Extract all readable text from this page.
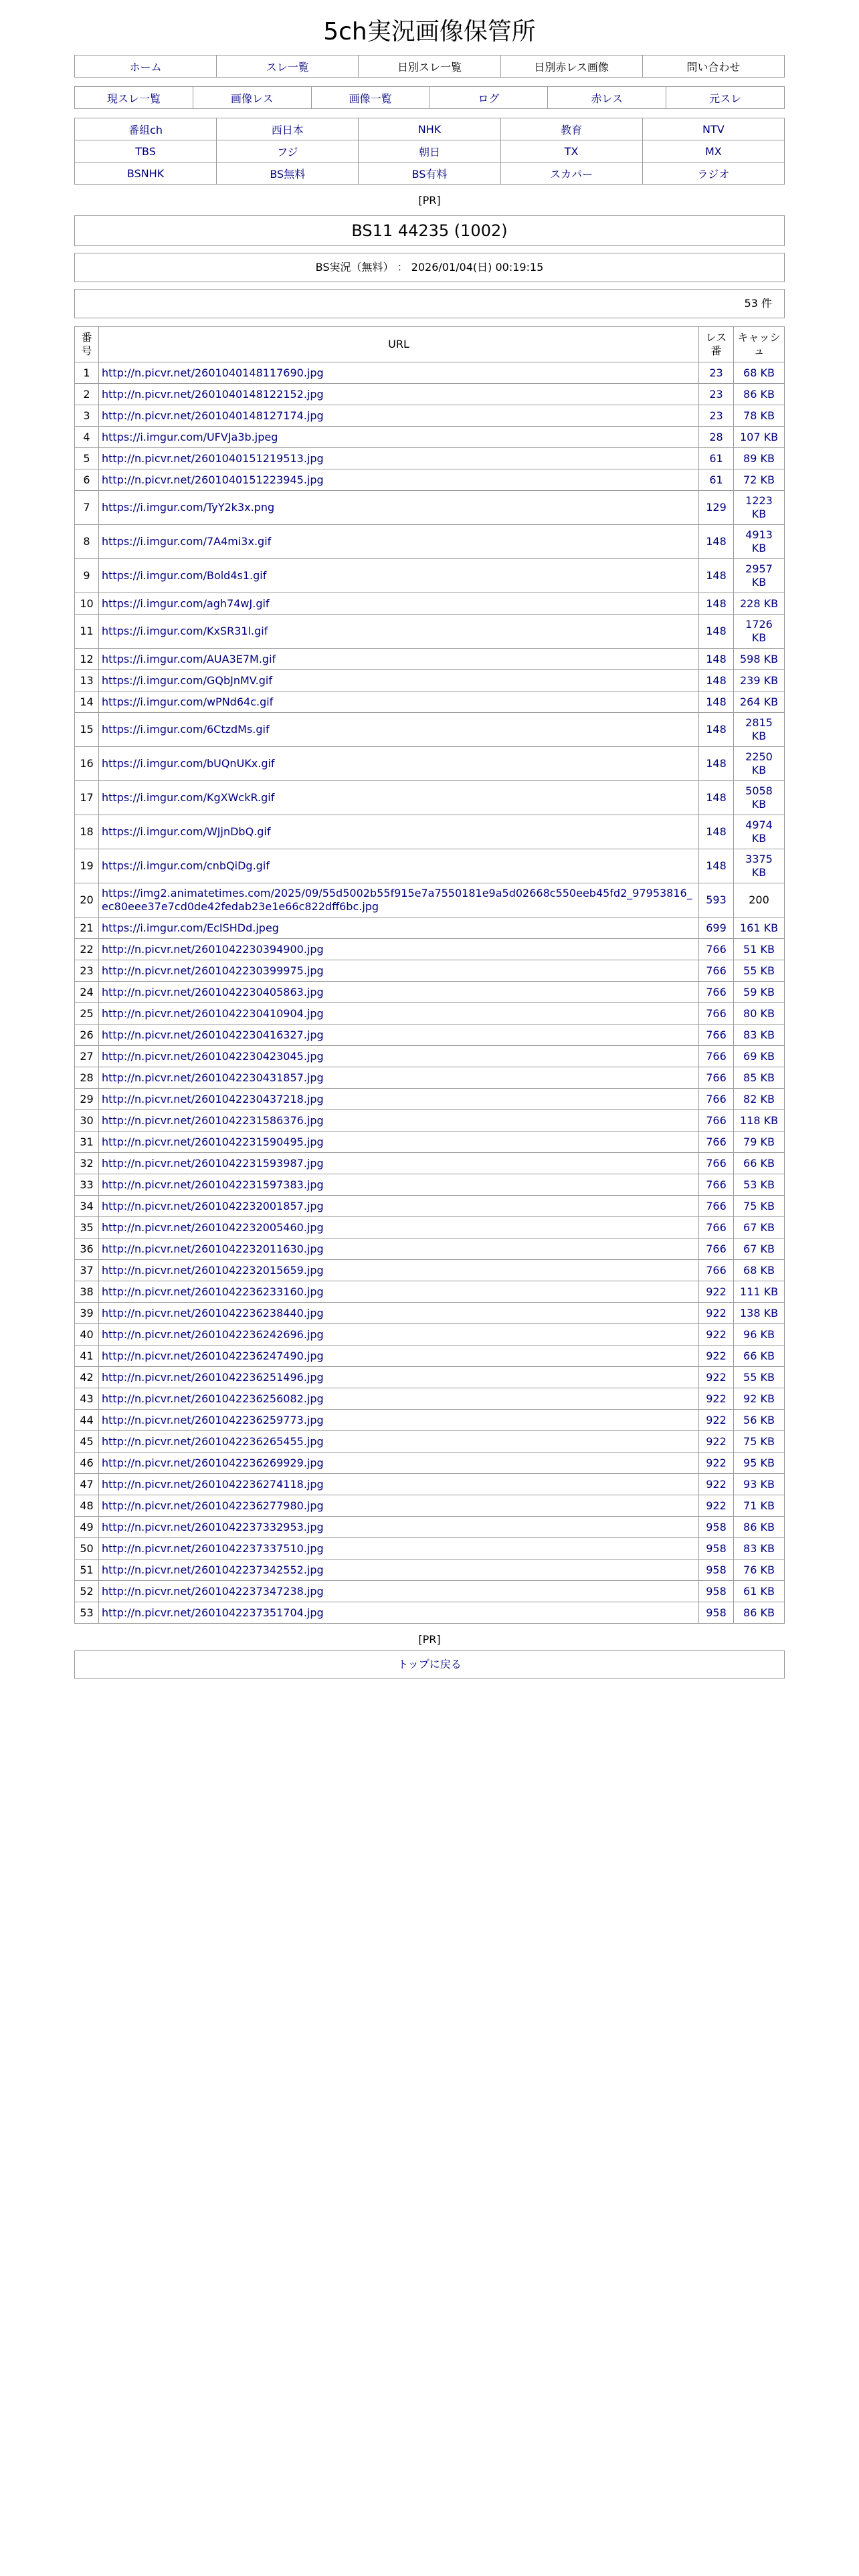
5ch実況画像保管所
ホーム	スレ一覧	日別スレ一覧	日別赤レス画像	問い合わせ
現スレ一覧	画像レス	画像一覧	ログ	赤レス	元スレ
番組ch	西日本	NHK	教育	NTV
TBS	フジ	朝日	TX	MX
BSNHK	BS無料	BS有料	スカパー	ラジオ
[PR]
BS11 44235 (1002)
BS実況（無料） ： 2026/01/04(日) 00:19:15
53 件
番号	URL	レス番	キャッシュ
1	http://n.picvr.net/2601040148117690.jpg	23	68 KB
2	http://n.picvr.net/2601040148122152.jpg	23	86 KB
3	http://n.picvr.net/2601040148127174.jpg	23	78 KB
4	https://i.imgur.com/UFVJa3b.jpeg	28	107 KB
5	http://n.picvr.net/2601040151219513.jpg	61	89 KB
6	http://n.picvr.net/2601040151223945.jpg	61	72 KB
7	https://i.imgur.com/TyY2k3x.png	129	1223 KB
8	https://i.imgur.com/7A4mi3x.gif	148	4913 KB
9	https://i.imgur.com/Bold4s1.gif	148	2957 KB
10	https://i.imgur.com/agh74wJ.gif	148	228 KB
11	https://i.imgur.com/KxSR31l.gif	148	1726 KB
12	https://i.imgur.com/AUA3E7M.gif	148	598 KB
13	https://i.imgur.com/GQbJnMV.gif	148	239 KB
14	https://i.imgur.com/wPNd64c.gif	148	264 KB
15	https://i.imgur.com/6CtzdMs.gif	148	2815 KB
16	https://i.imgur.com/bUQnUKx.gif	148	2250 KB
17	https://i.imgur.com/KgXWckR.gif	148	5058 KB
18	https://i.imgur.com/WJjnDbQ.gif	148	4974 KB
19	https://i.imgur.com/cnbQiDg.gif	148	3375 KB
20	https://img2.animatetimes.com/2025/09/55d5002b55f915e7a7550181e9a5d02668c550eeb45fd2_97953816_ec80eee37e7cd0de42fedab23e1e66c822dff6bc.jpg	593	200
21	https://i.imgur.com/EcISHDd.jpeg	699	161 KB
22	http://n.picvr.net/2601042230394900.jpg	766	51 KB
23	http://n.picvr.net/2601042230399975.jpg	766	55 KB
24	http://n.picvr.net/2601042230405863.jpg	766	59 KB
25	http://n.picvr.net/2601042230410904.jpg	766	80 KB
26	http://n.picvr.net/2601042230416327.jpg	766	83 KB
27	http://n.picvr.net/2601042230423045.jpg	766	69 KB
28	http://n.picvr.net/2601042230431857.jpg	766	85 KB
29	http://n.picvr.net/2601042230437218.jpg	766	82 KB
30	http://n.picvr.net/2601042231586376.jpg	766	118 KB
31	http://n.picvr.net/2601042231590495.jpg	766	79 KB
32	http://n.picvr.net/2601042231593987.jpg	766	66 KB
33	http://n.picvr.net/2601042231597383.jpg	766	53 KB
34	http://n.picvr.net/2601042232001857.jpg	766	75 KB
35	http://n.picvr.net/2601042232005460.jpg	766	67 KB
36	http://n.picvr.net/2601042232011630.jpg	766	67 KB
37	http://n.picvr.net/2601042232015659.jpg	766	68 KB
38	http://n.picvr.net/2601042236233160.jpg	922	111 KB
39	http://n.picvr.net/2601042236238440.jpg	922	138 KB
40	http://n.picvr.net/2601042236242696.jpg	922	96 KB
41	http://n.picvr.net/2601042236247490.jpg	922	66 KB
42	http://n.picvr.net/2601042236251496.jpg	922	55 KB
43	http://n.picvr.net/2601042236256082.jpg	922	92 KB
44	http://n.picvr.net/2601042236259773.jpg	922	56 KB
45	http://n.picvr.net/2601042236265455.jpg	922	75 KB
46	http://n.picvr.net/2601042236269929.jpg	922	95 KB
47	http://n.picvr.net/2601042236274118.jpg	922	93 KB
48	http://n.picvr.net/2601042236277980.jpg	922	71 KB
49	http://n.picvr.net/2601042237332953.jpg	958	86 KB
50	http://n.picvr.net/2601042237337510.jpg	958	83 KB
51	http://n.picvr.net/2601042237342552.jpg	958	76 KB
52	http://n.picvr.net/2601042237347238.jpg	958	61 KB
53	http://n.picvr.net/2601042237351704.jpg	958	86 KB
[PR]
トップに戻る
